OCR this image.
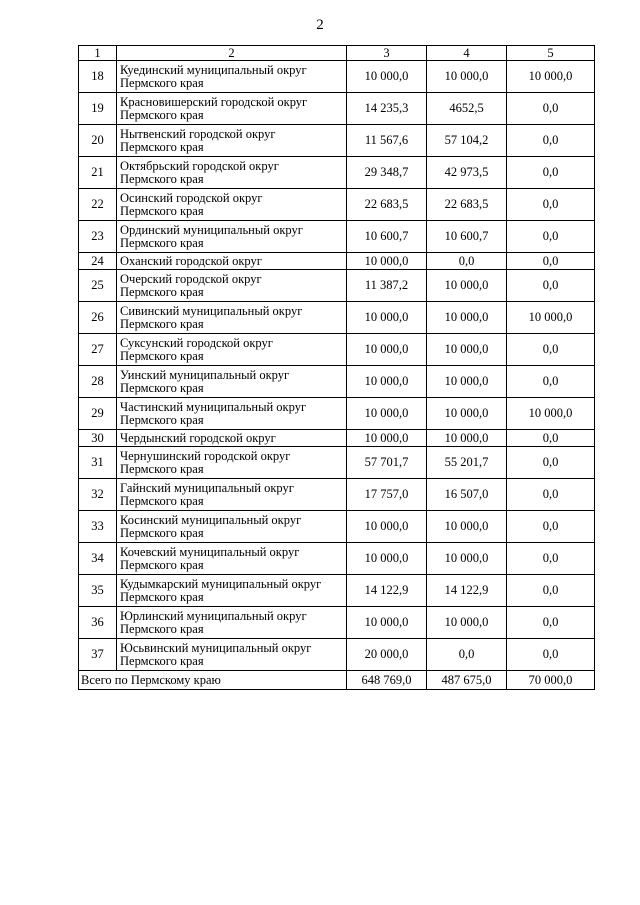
2
1	2	3	4	5
18	Куединский муниципальный округ
Пермского края	10 000,0	10 000,0	10 000,0
19	Красновишерский городской округ
Пермского края	14 235,3	4652,5	0,0
20	Нытвенский городской округ
Пермского края	11 567,6	57 104,2	0,0
21	Октябрьский городской округ
Пермского края	29 348,7	42 973,5	0,0
22	Осинский городской округ
Пермского края	22 683,5	22 683,5	0,0
23	Ординский муниципальный округ
Пермского края	10 600,7	10 600,7	0,0
24	Оханский городской округ	10 000,0	0,0	0,0
25	Очерский городской округ
Пермского края	11 387,2	10 000,0	0,0
26	Сивинский муниципальный округ
Пермского края	10 000,0	10 000,0	10 000,0
27	Суксунский городской округ
Пермского края	10 000,0	10 000,0	0,0
28	Уинский муниципальный округ
Пермского края	10 000,0	10 000,0	0,0
29	Частинский муниципальный округ
Пермского края	10 000,0	10 000,0	10 000,0
30	Чердынский городской округ	10 000,0	10 000,0	0,0
31	Чернушинский городской округ
Пермского края	57 701,7	55 201,7	0,0
32	Гайнский муниципальный округ
Пермского края	17 757,0	16 507,0	0,0
33	Косинский муниципальный округ
Пермского края	10 000,0	10 000,0	0,0
34	Кочевский муниципальный округ
Пермского края	10 000,0	10 000,0	0,0
35	Кудымкарский муниципальный округ
Пермского края	14 122,9	14 122,9	0,0
36	Юрлинский муниципальный округ
Пермского края	10 000,0	10 000,0	0,0
37	Юсьвинский муниципальный округ
Пермского края	20 000,0	0,0	0,0
Всего по Пермскому краю		648 769,0	487 675,0	70 000,0
